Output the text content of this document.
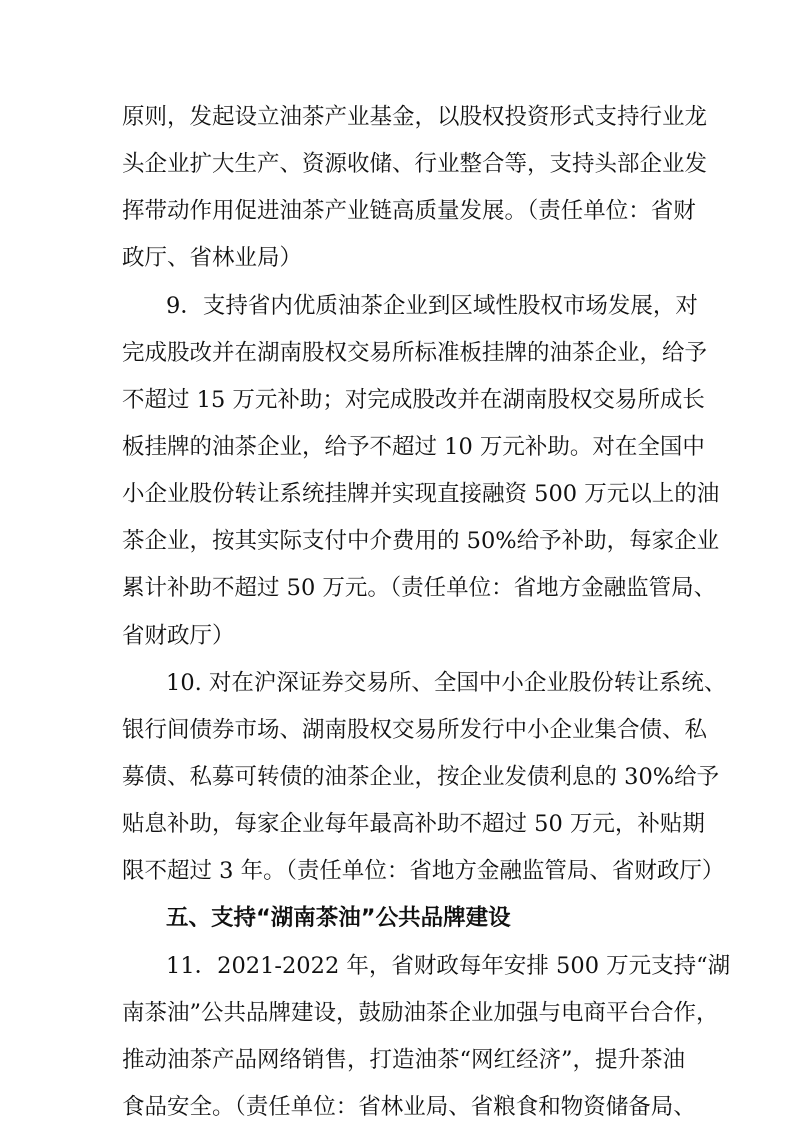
原则，发起设立油茶产业基金，以股权投资形式支持行业龙
头企业扩大生产、资源收储、行业整合等，支持头部企业发
挥带动作用促进油茶产业链高质量发展。（责任单位：省财
政厅、省林业局）
9．支持省内优质油茶企业到区域性股权市场发展，对
完成股改并在湖南股权交易所标准板挂牌的油茶企业，给予
不超过 15 万元补助；对完成股改并在湖南股权交易所成长
板挂牌的油茶企业，给予不超过 10 万元补助。对在全国中
小企业股份转让系统挂牌并实现直接融资 500 万元以上的油
茶企业，按其实际支付中介费用的 50%给予补助，每家企业
累计补助不超过 50 万元。（责任单位：省地方金融监管局、
省财政厅）
10. 对在沪深证券交易所、全国中小企业股份转让系统、
银行间债券市场、湖南股权交易所发行中小企业集合债、私
募债、私募可转债的油茶企业，按企业发债利息的 30%给予
贴息补助，每家企业每年最高补助不超过 50 万元，补贴期
限不超过 3 年。（责任单位：省地方金融监管局、省财政厅）
五、支持“湖南茶油”公共品牌建设
11．2021-2022 年，省财政每年安排 500 万元支持“湖
南茶油”公共品牌建设，鼓励油茶企业加强与电商平台合作，
推动油茶产品网络销售，打造油茶“网红经济”，提升茶油
食品安全。（责任单位：省林业局、省粮食和物资储备局、
